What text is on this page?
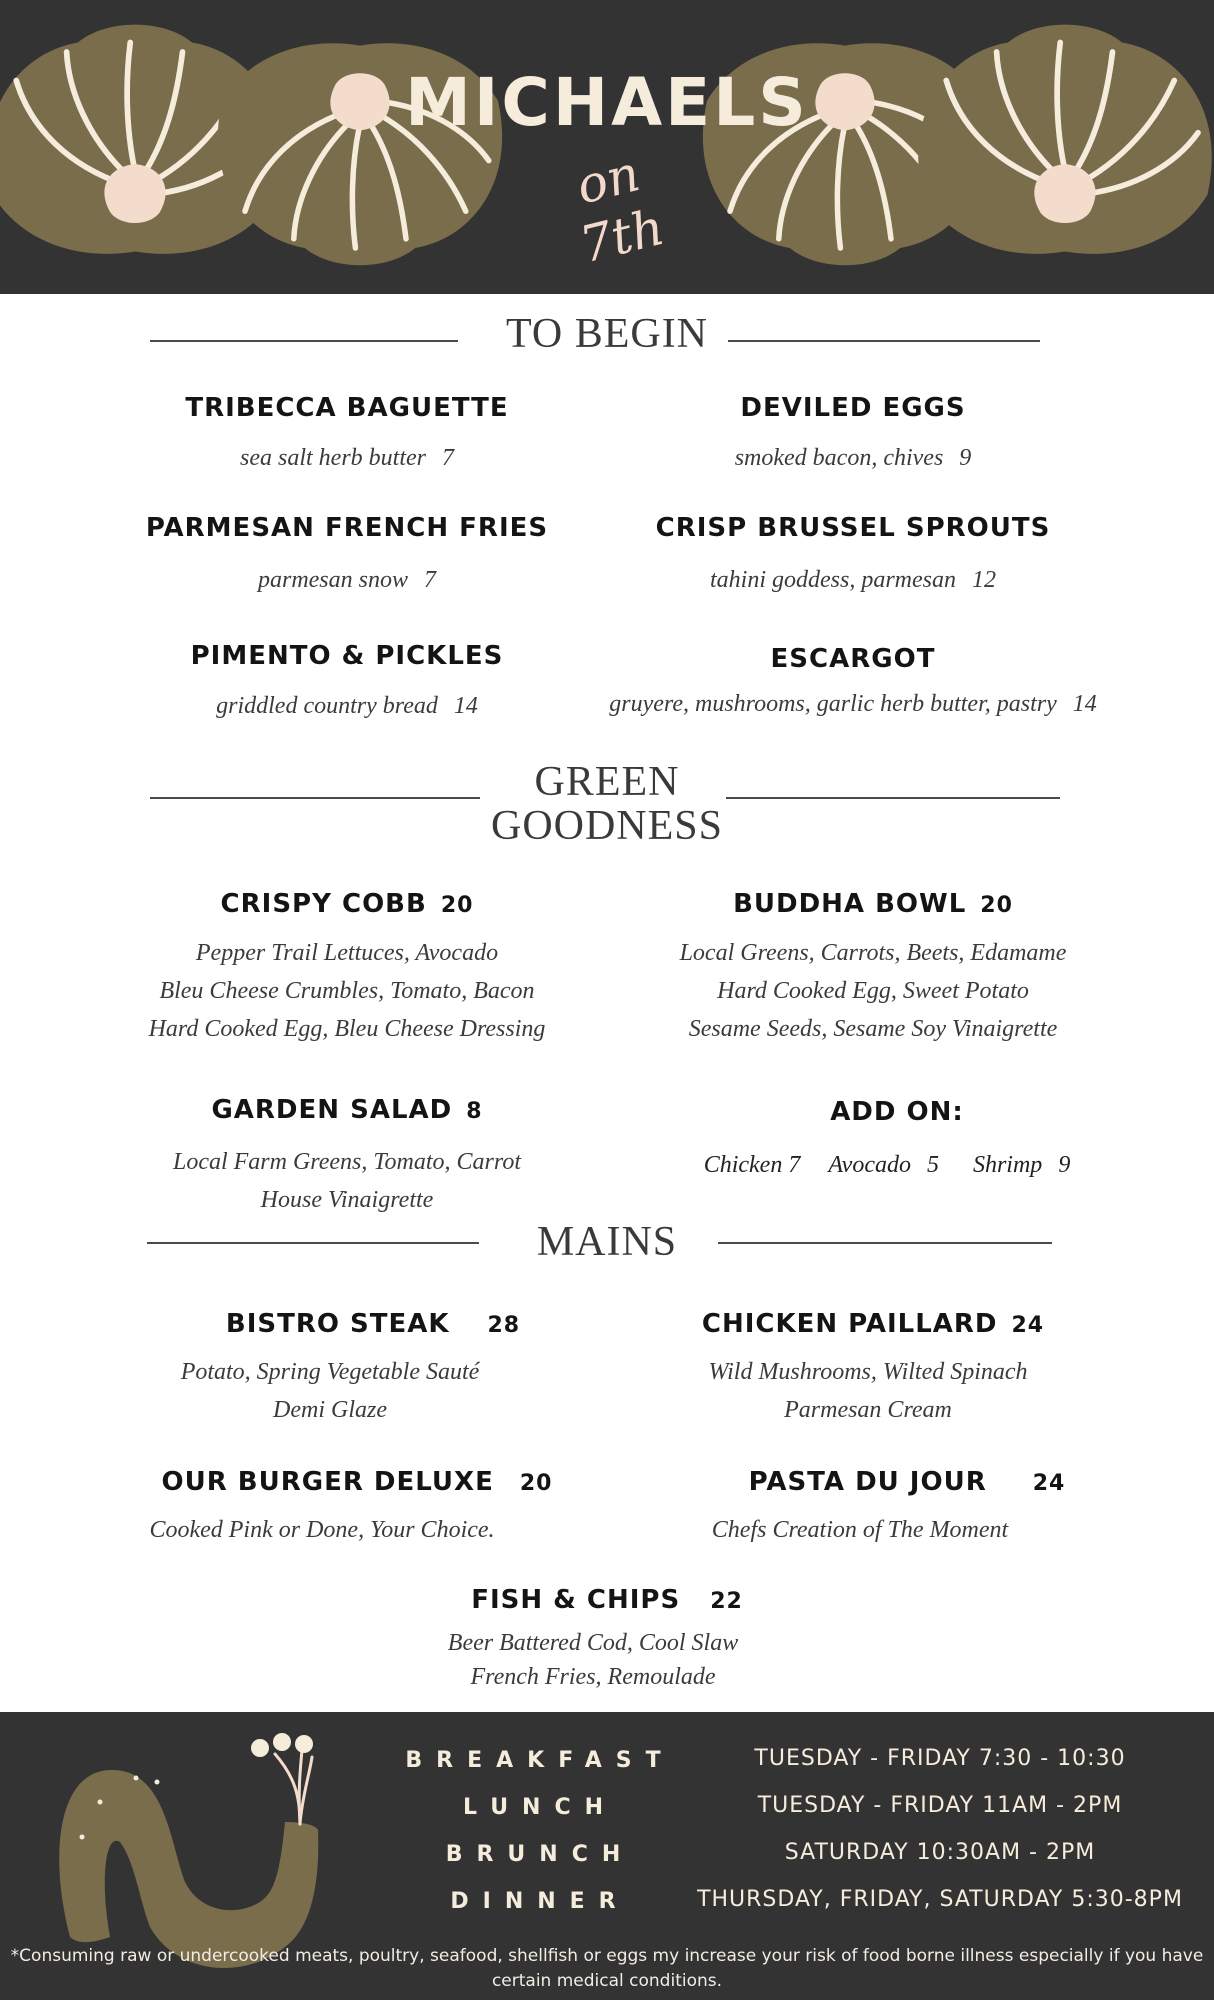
MICHAELS
on 7th
TO BEGIN
TRIBECCA BAGUETTE
sea salt herb butter 7
DEVILED EGGS
smoked bacon, chives 9
PARMESAN FRENCH FRIES
parmesan snow 7
CRISP BRUSSEL SPROUTS
tahini goddess, parmesan 12
PIMENTO & PICKLES
griddled country bread 14
ESCARGOT
gruyere, mushrooms, garlic herb butter, pastry 14
GREEN
GOODNESS
CRISPY COBB 20
Pepper Trail Lettuces, Avocado
Bleu Cheese Crumbles, Tomato, Bacon
Hard Cooked Egg, Bleu Cheese Dressing
BUDDHA BOWL 20
Local Greens, Carrots, Beets, Edamame
Hard Cooked Egg, Sweet Potato
Sesame Seeds, Sesame Soy Vinaigrette
GARDEN SALAD 8
Local Farm Greens, Tomato, Carrot
House Vinaigrette
ADD ON:
Chicken 7 Avocado 5 Shrimp 9
MAINS
BISTRO STEAK 28
Potato, Spring Vegetable Sauté
Demi Glaze
CHICKEN PAILLARD 24
Wild Mushrooms, Wilted Spinach
Parmesan Cream
OUR BURGER DELUXE 20
Cooked Pink or Done, Your Choice.
PASTA DU JOUR 24
Chefs Creation of The Moment
FISH & CHIPS 22
Beer Battered Cod, Cool Slaw
French Fries, Remoulade
BREAKFAST
LUNCH
BRUNCH
DINNER
TUESDAY - FRIDAY 7:30 - 10:30
TUESDAY - FRIDAY 11AM - 2PM
SATURDAY 10:30AM - 2PM
THURSDAY, FRIDAY, SATURDAY 5:30-8PM
*Consuming raw or undercooked meats, poultry, seafood, shellfish or eggs my increase your risk of food borne illness especially if you have certain medical conditions.
